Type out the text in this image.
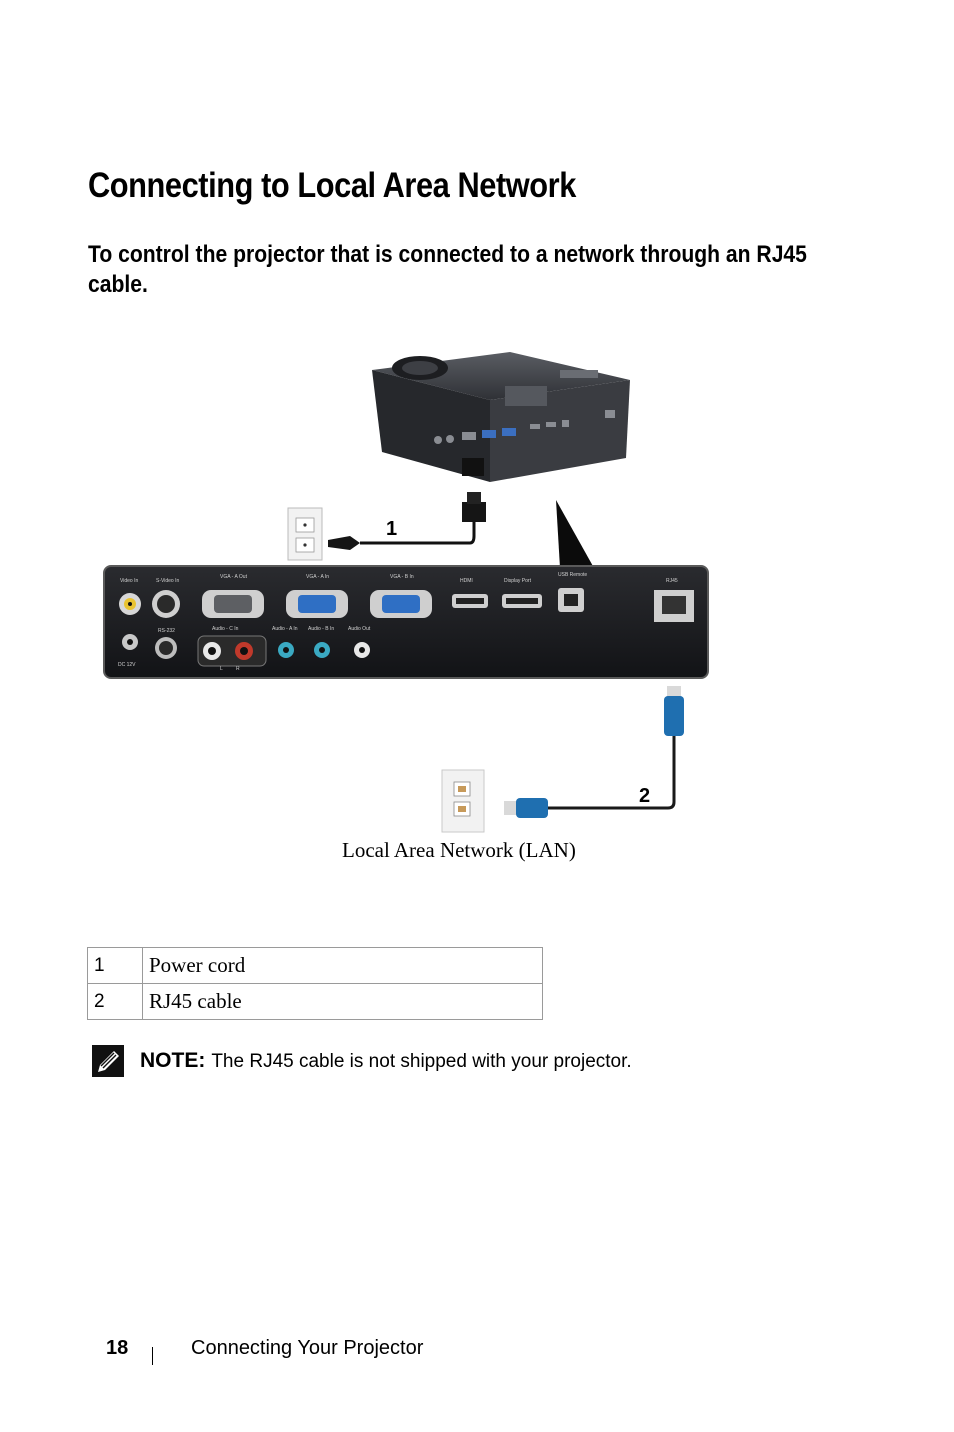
Connecting to Local Area Network
To control the projector that is connected to a network through an RJ45 cable.
1
Video In	S-Video In
VGA - A Out	VGA - A In	VGA - B In
HDMI	Display Port
USB Remote
RJ45
RS-232	Audio - C In	Audio - A In Audio - B In	Audio Out
DC 12V
L	R
2

Local Area Network (LAN)

1	Power cord
2	RJ45 cable
NOTE: The RJ45 cable is not shipped with your projector.
18	Connecting Your Projector
